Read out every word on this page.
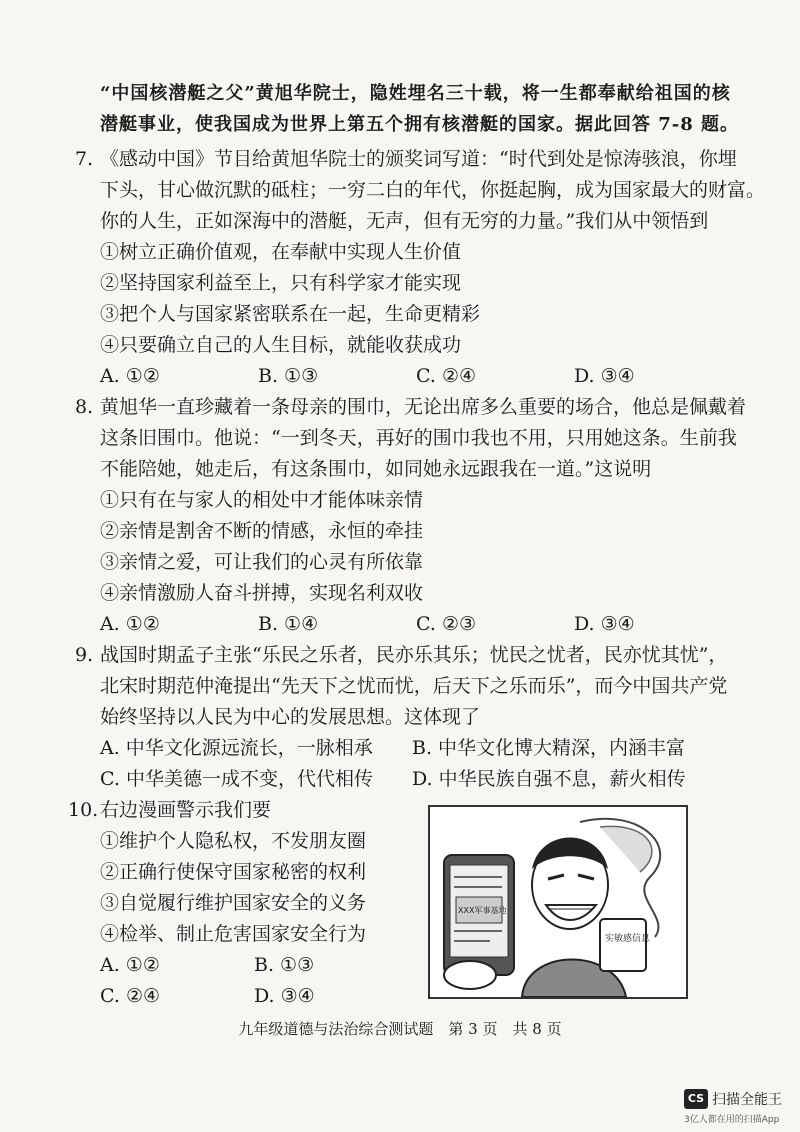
“中国核潜艇之父”黄旭华院士，隐姓埋名三十载，将一生都奉献给祖国的核
潜艇事业，使我国成为世界上第五个拥有核潜艇的国家。据此回答 7-8 题。
7. 《感动中国》节目给黄旭华院士的颁奖词写道：“时代到处是惊涛骇浪，你埋
下头，甘心做沉默的砥柱；一穷二白的年代，你挺起胸，成为国家最大的财富。
你的人生，正如深海中的潜艇，无声，但有无穷的力量。”我们从中领悟到
①树立正确价值观，在奉献中实现人生价值
②坚持国家利益至上，只有科学家才能实现
③把个人与国家紧密联系在一起，生命更精彩
④只要确立自己的人生目标，就能收获成功
A. ①②	B. ①③	C. ②④	D. ③④
8. 黄旭华一直珍藏着一条母亲的围巾，无论出席多么重要的场合，他总是佩戴着
这条旧围巾。他说：“一到冬天，再好的围巾我也不用，只用她这条。生前我
不能陪她，她走后，有这条围巾，如同她永远跟我在一道。”这说明
①只有在与家人的相处中才能体味亲情
②亲情是割舍不断的情感，永恒的牵挂
③亲情之爱，可让我们的心灵有所依靠
④亲情激励人奋斗拼搏，实现名利双收
A. ①②	B. ①④	C. ②③	D. ③④
9. 战国时期孟子主张“乐民之乐者，民亦乐其乐；忧民之忧者，民亦忧其忧”，
北宋时期范仲淹提出“先天下之忧而忧，后天下之乐而乐”，而今中国共产党
始终坚持以人民为中心的发展思想。这体现了
A. 中华文化源远流长，一脉相承 B. 中华文化博大精深，内涵丰富
C. 中华美德一成不变，代代相传 D. 中华民族自强不息，薪火相传
10. 右边漫画警示我们要
①维护个人隐私权，不发朋友圈
②正确行使保守国家秘密的权利
③自觉履行维护国家安全的义务
④检举、制止危害国家安全行为
A. ①②	B. ①③
C. ②④	D. ③④
XXX军事基地
实敏感信息
九年级道德与法治综合测试题　第 3 页　共 8 页
CS 扫描全能王
3亿人都在用的扫描App
